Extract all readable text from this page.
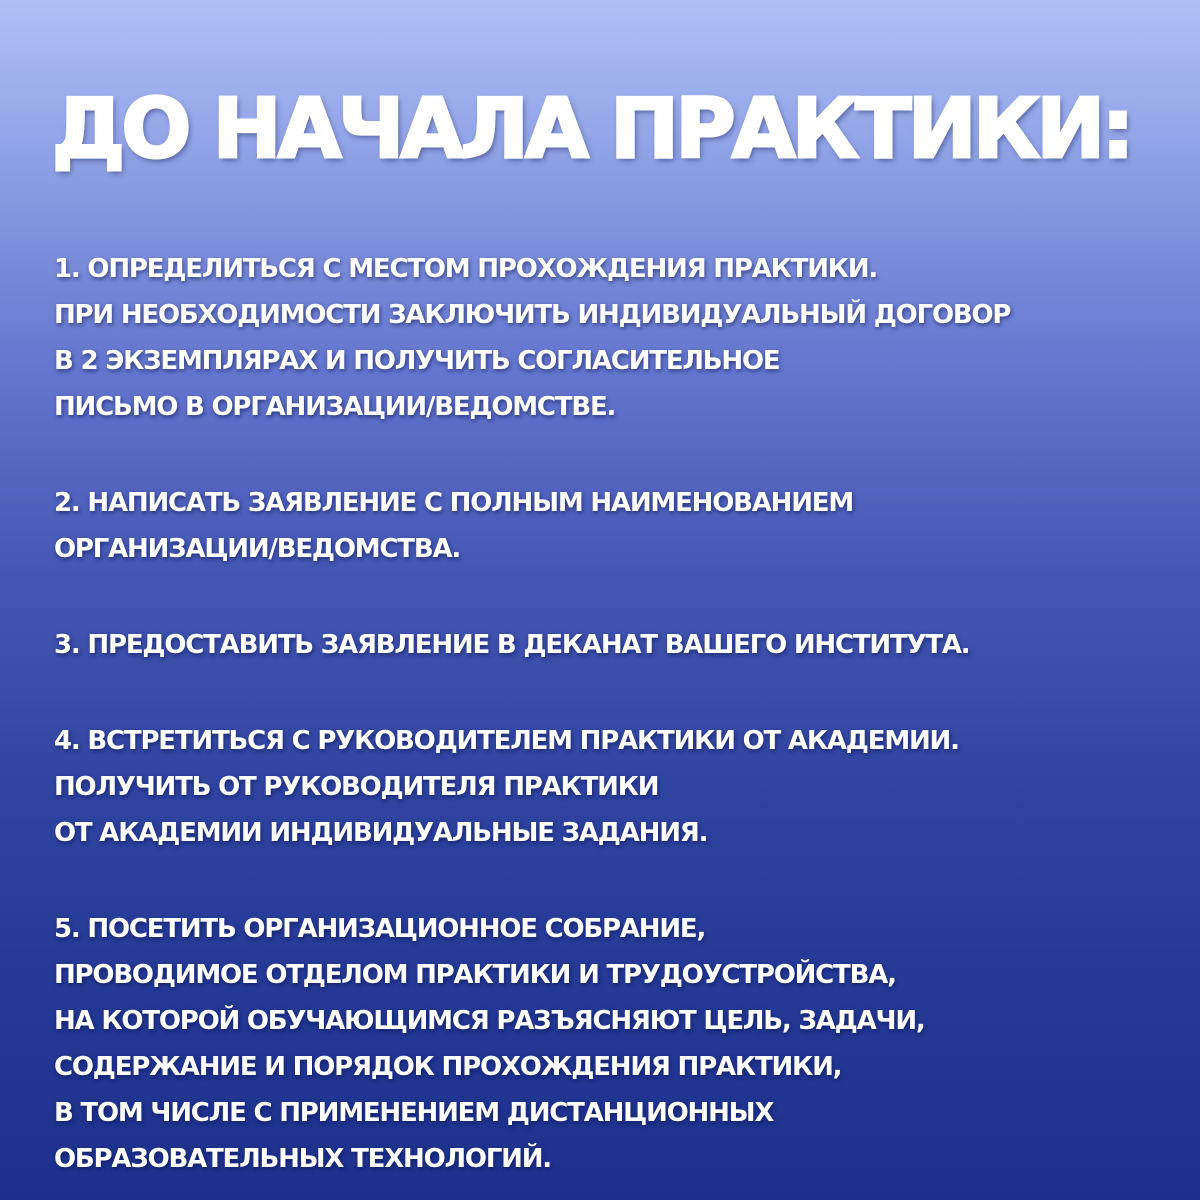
ДО НАЧАЛА ПРАКТИКИ:
1. ОПРЕДЕЛИТЬСЯ С МЕСТОМ ПРОХОЖДЕНИЯ ПРАКТИКИ.
ПРИ НЕОБХОДИМОСТИ ЗАКЛЮЧИТЬ ИНДИВИДУАЛЬНЫЙ ДОГОВОР
В 2 ЭКЗЕМПЛЯРАХ И ПОЛУЧИТЬ СОГЛАСИТЕЛЬНОЕ
ПИСЬМО В ОРГАНИЗАЦИИ/ВЕДОМСТВЕ.
2. НАПИСАТЬ ЗАЯВЛЕНИЕ С ПОЛНЫМ НАИМЕНОВАНИЕМ
ОРГАНИЗАЦИИ/ВЕДОМСТВА.
3. ПРЕДОСТАВИТЬ ЗАЯВЛЕНИЕ В ДЕКАНАТ ВАШЕГО ИНСТИТУТА.
4. ВСТРЕТИТЬСЯ С РУКОВОДИТЕЛЕМ ПРАКТИКИ ОТ АКАДЕМИИ.
ПОЛУЧИТЬ ОТ РУКОВОДИТЕЛЯ ПРАКТИКИ
ОТ АКАДЕМИИ ИНДИВИДУАЛЬНЫЕ ЗАДАНИЯ.
5. ПОСЕТИТЬ ОРГАНИЗАЦИОННОЕ СОБРАНИЕ,
ПРОВОДИМОЕ ОТДЕЛОМ ПРАКТИКИ И ТРУДОУСТРОЙСТВА,
НА КОТОРОЙ ОБУЧАЮЩИМСЯ РАЗЪЯСНЯЮТ ЦЕЛЬ, ЗАДАЧИ,
СОДЕРЖАНИЕ И ПОРЯДОК ПРОХОЖДЕНИЯ ПРАКТИКИ,
В ТОМ ЧИСЛЕ С ПРИМЕНЕНИЕМ ДИСТАНЦИОННЫХ
ОБРАЗОВАТЕЛЬНЫХ ТЕХНОЛОГИЙ.
